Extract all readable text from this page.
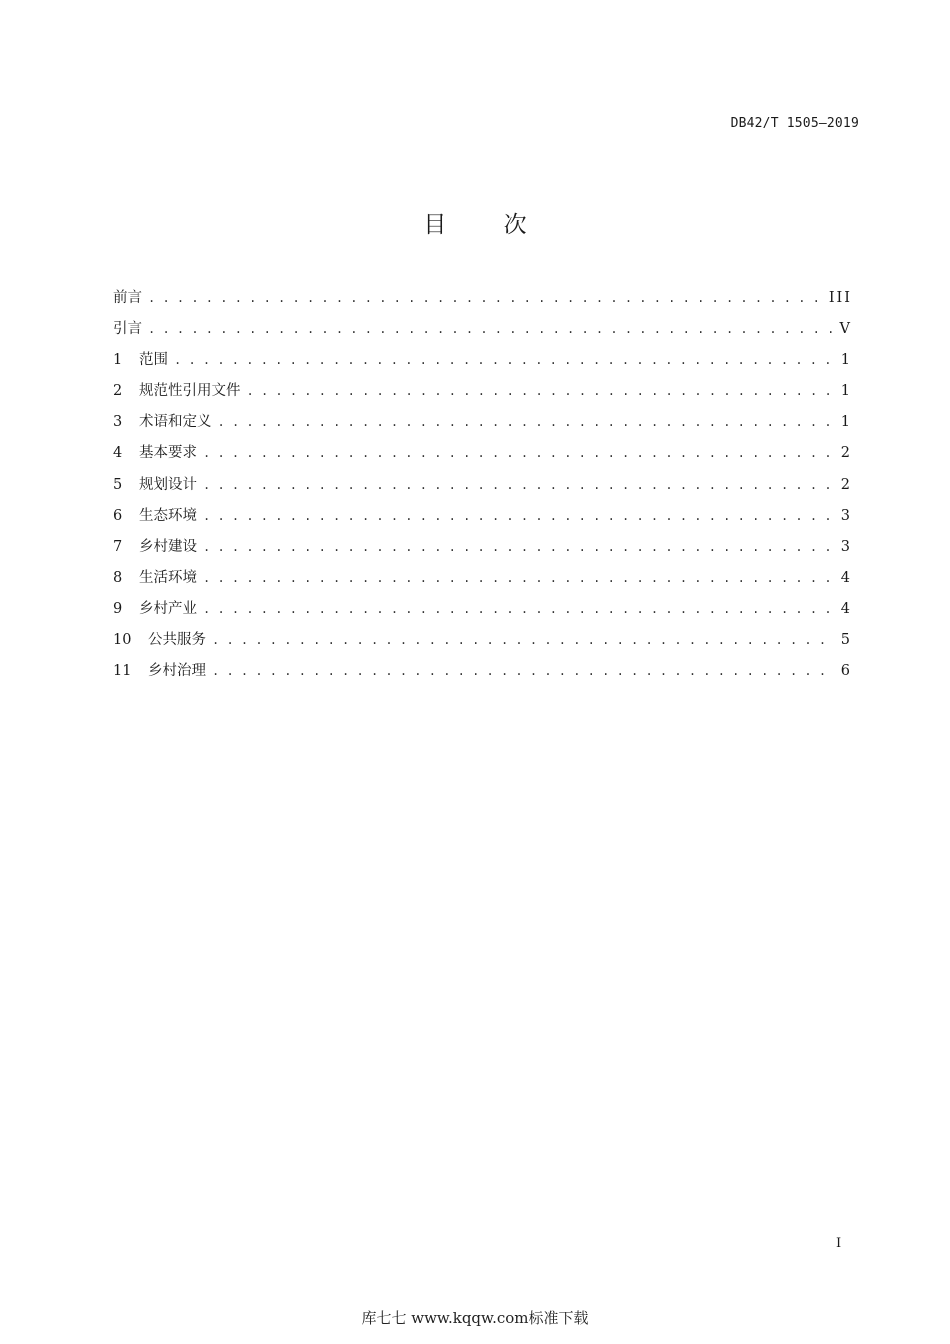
DB42/T 1505—2019
目 次
前言 . . .	III
引言 . . .	V
1	范围 . . .	1
2	规范性引用文件 . . .	1
3	术语和定义 . . .	1
4	基本要求 . . .	2
5	规划设计 . . .	2
6	生态环境 . . .	3
7	乡村建设 . . .	3
8	生活环境 . . .	4
9	乡村产业 . . .	4
10	公共服务 . . .	5
11	乡村治理 . . .	6
I
库七七 www.kqqw.com标准下载
